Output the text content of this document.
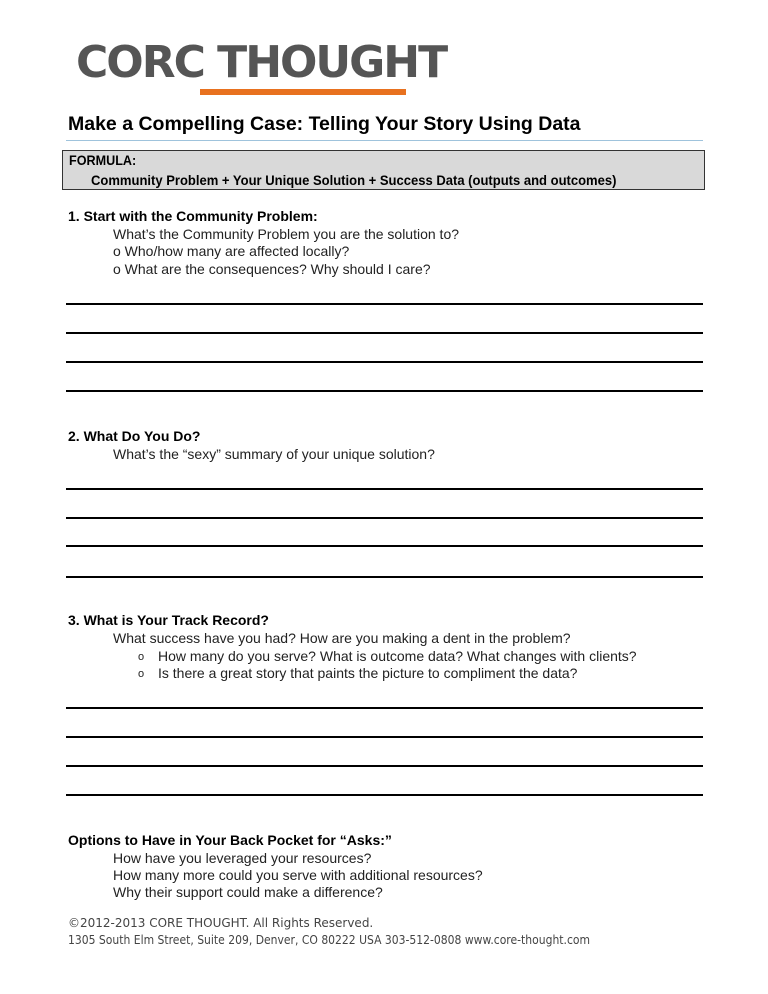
CORC THOUGHT
Make a Compelling Case: Telling Your Story Using Data
FORMULA:
Community Problem + Your Unique Solution + Success Data (outputs and outcomes)
1. Start with the Community Problem:
What’s the Community Problem you are the solution to?
o Who/how many are affected locally?
o What are the consequences? Why should I care?
2. What Do You Do?
What’s the “sexy” summary of your unique solution?
3. What is Your Track Record?
What success have you had? How are you making a dent in the problem?
o How many do you serve? What is outcome data? What changes with clients?
o Is there a great story that paints the picture to compliment the data?
Options to Have in Your Back Pocket for “Asks:”
How have you leveraged your resources?
How many more could you serve with additional resources?
Why their support could make a difference?
©2012-2013 CORE THOUGHT. All Rights Reserved.
1305 South Elm Street, Suite 209, Denver, CO 80222 USA 303-512-0808 www.core-thought.com
